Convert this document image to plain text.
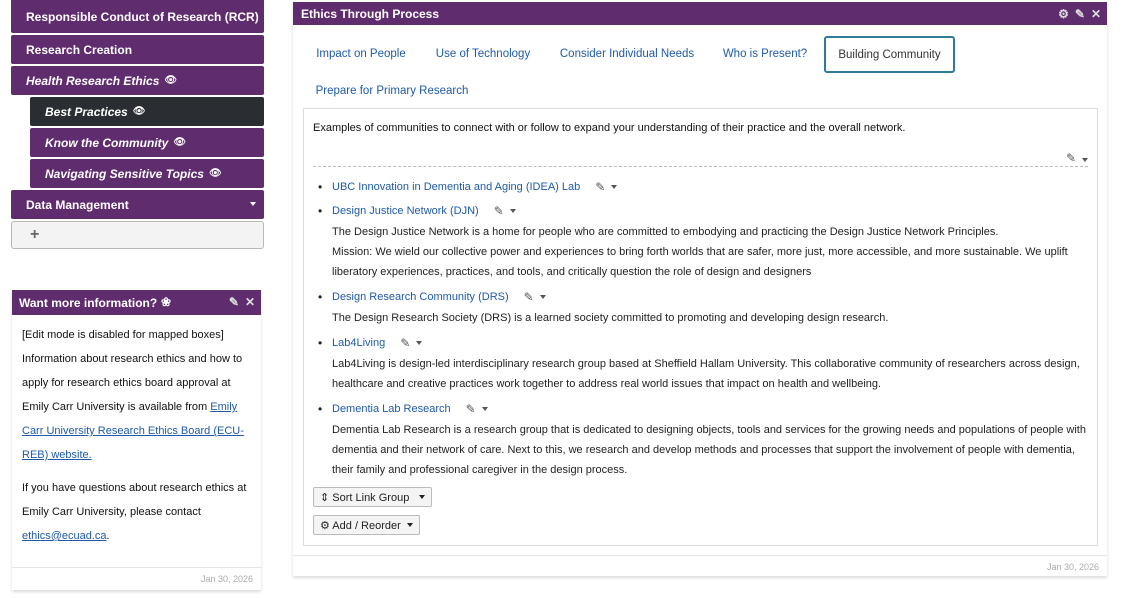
Responsible Conduct of Research (RCR)
Research Creation
Health Research Ethics 👁
Best Practices 👁
Know the Community 👁
Navigating Sensitive Topics 👁
Data Management
+
Want more information? ❀	✎ ✕

[Edit mode is disabled for mapped boxes]

Information about research ethics and how to apply for research ethics board approval at Emily Carr University is available from Emily Carr University Research Ethics Board (ECU-REB) website.

If you have questions about research ethics at Emily Carr University, please contact ethics@ecuad.ca.

Jan 30, 2026
Ethics Through Process	⚙ ✎ ✕
Impact on People	Use of Technology	Consider Individual Needs Who is Present?	Building Community
Prepare for Primary Research
Examples of communities to connect with or follow to expand your understanding of their practice and the overall network.
✎
• UBC Innovation in Dementia and Aging (IDEA) Lab ✎
• Design Justice Network (DJN) ✎
The Design Justice Network is a home for people who are committed to embodying and practicing the Design Justice Network Principles.
Mission: We wield our collective power and experiences to bring forth worlds that are safer, more just, more accessible, and more sustainable. We uplift liberatory experiences, practices, and tools, and critically question the role of design and designers
• Design Research Community (DRS) ✎
The Design Research Society (DRS) is a learned society committed to promoting and developing design research.
• Lab4Living ✎
Lab4Living is design-led interdisciplinary research group based at Sheffield Hallam University. This collaborative community of researchers across design, healthcare and creative practices work together to address real world issues that impact on health and wellbeing.
• Dementia Lab Research ✎
Dementia Lab Research is a research group that is dedicated to designing objects, tools and services for the growing needs and populations of people with dementia and their network of care. Next to this, we research and develop methods and processes that support the involvement of people with dementia, their family and professional caregiver in the design process.
⇕ Sort Link Group
⚙ Add / Reorder
Jan 30, 2026
